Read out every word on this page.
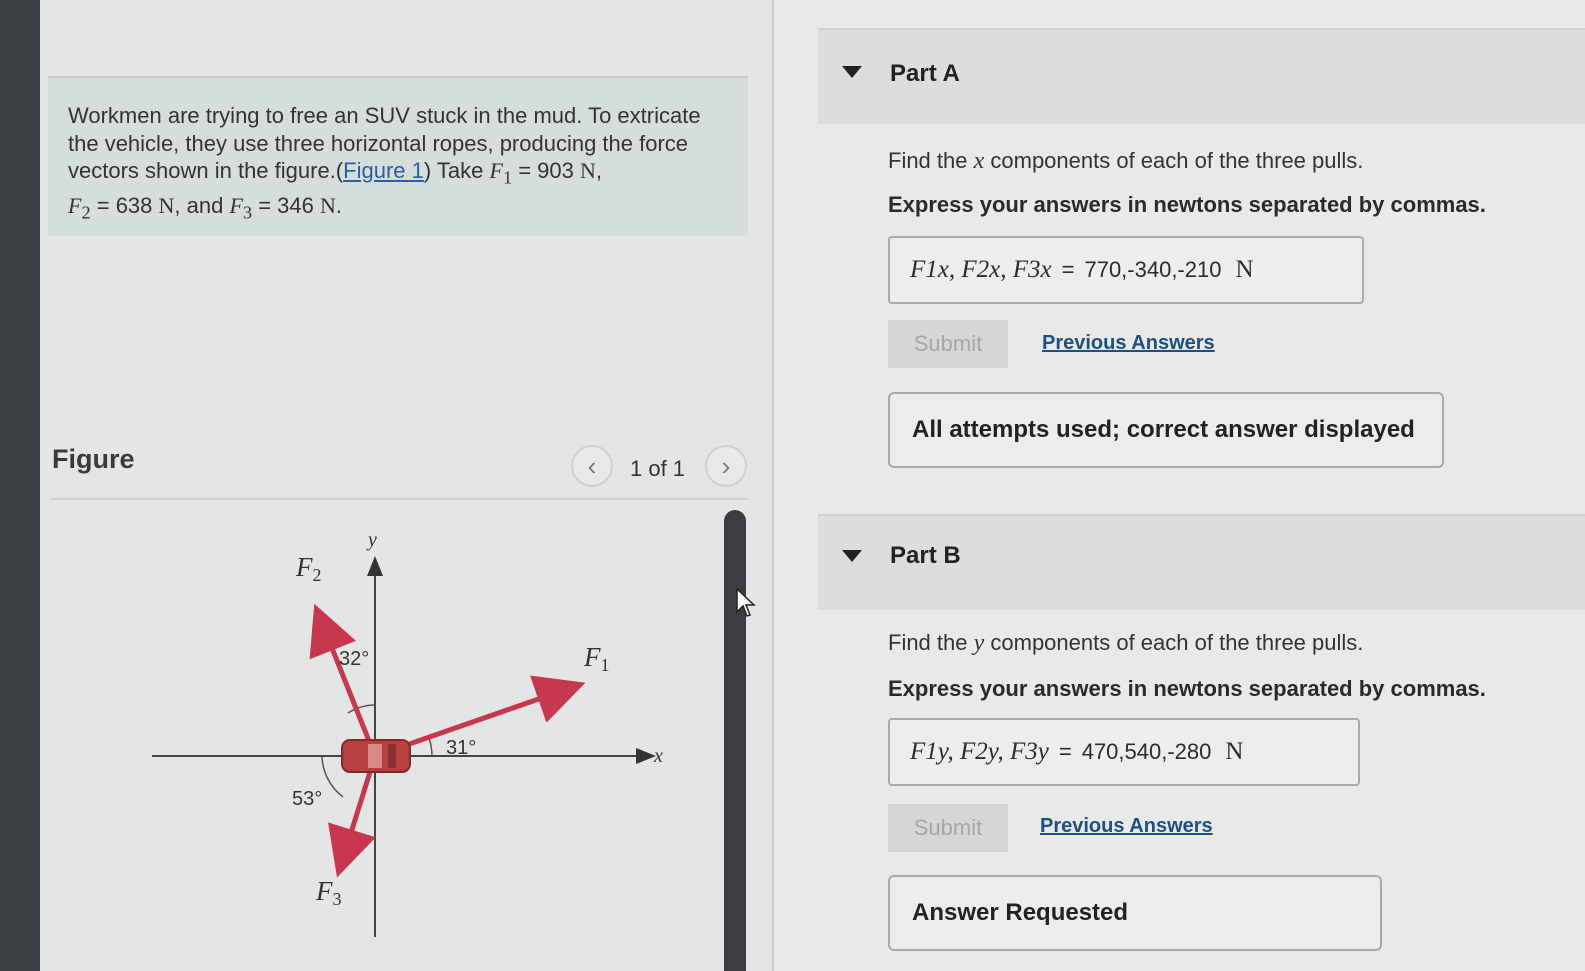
Workmen are trying to free an SUV stuck in the mud. To extricate the vehicle, they use three horizontal ropes, producing the force vectors shown in the figure.(Figure 1) Take $F_1 = 903$ N,
$F_2 = 638$ N, and $F_3 = 346$ N.
Figure	‹ 1 of 1 ›
x
y
F1
F2
F3
31°
32°
53°
Part A
Find the x components of each of the three pulls.
Express your answers in newtons separated by commas.
F1x, F2x, F3x = 770,-340,-210 N
Submit	Previous Answers
All attempts used; correct answer displayed
Part B
Find the y components of each of the three pulls.
Express your answers in newtons separated by commas.
F1y, F2y, F3y = 470,540,-280 N
Submit	Previous Answers
Answer Requested
